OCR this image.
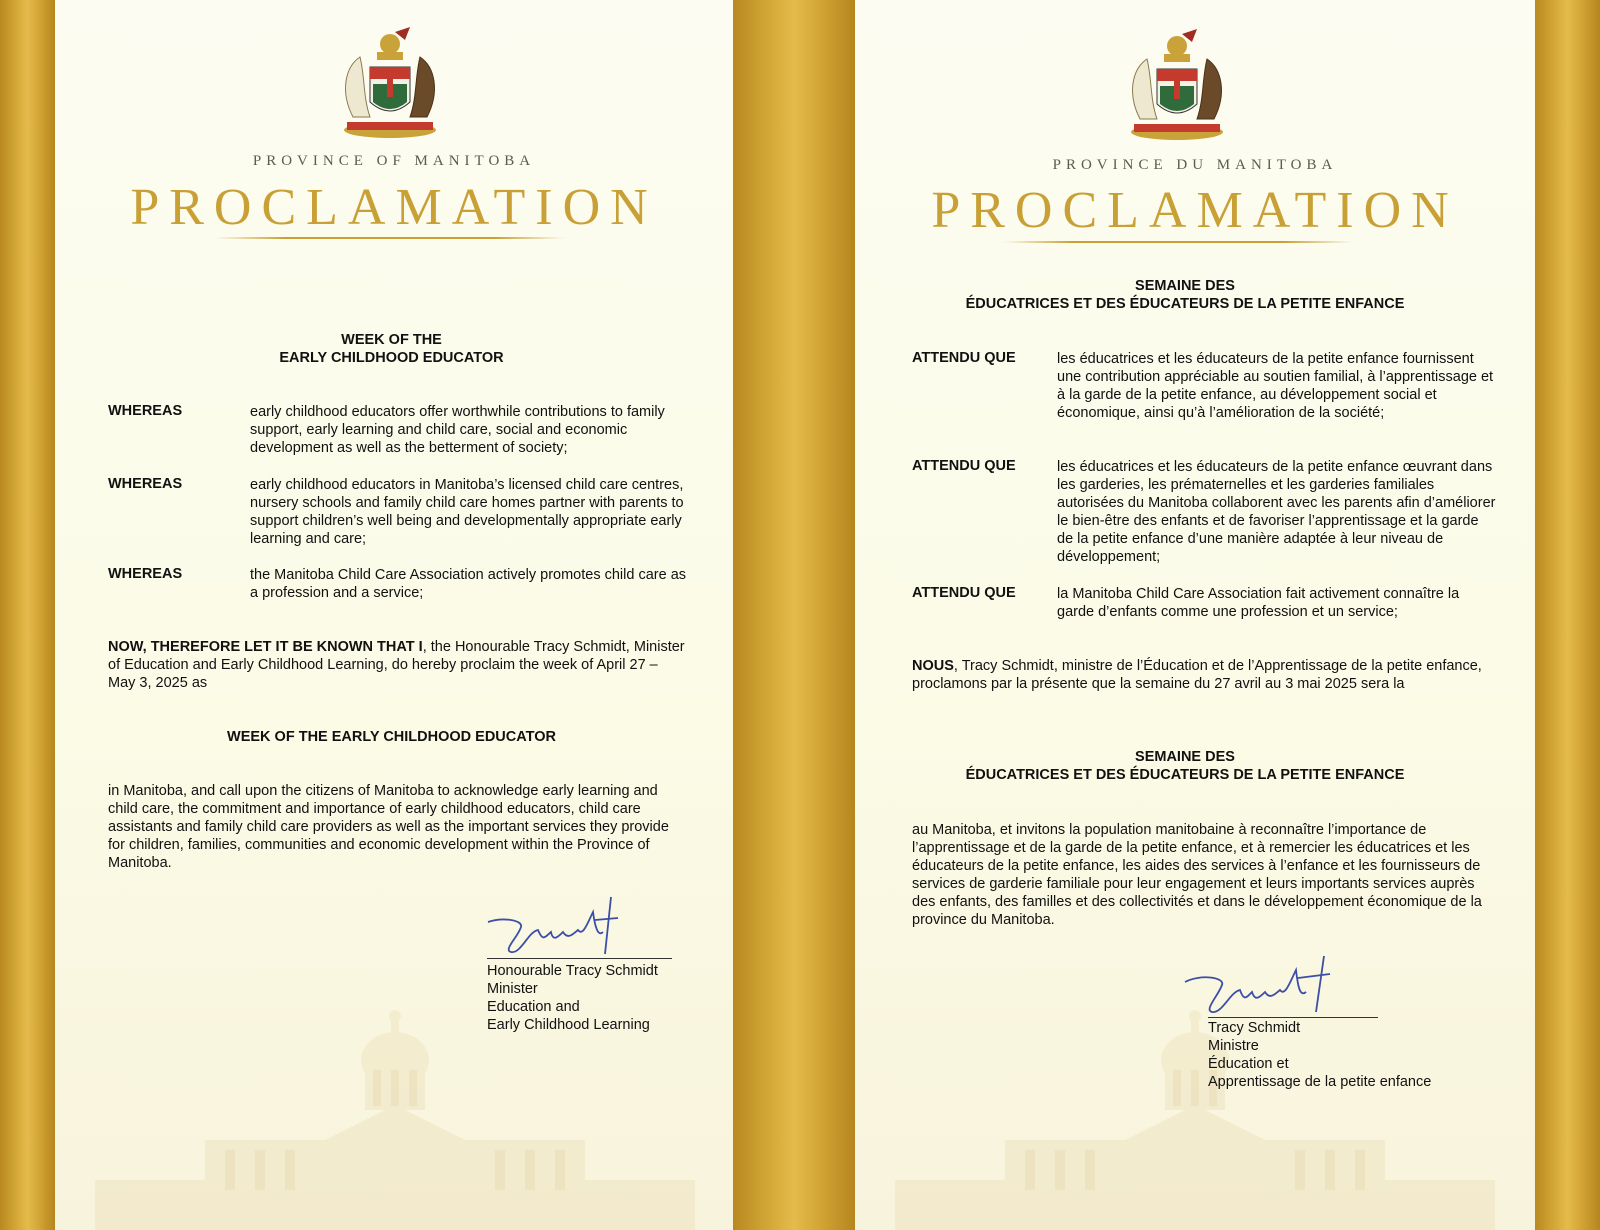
PROVINCE OF MANITOBA
PROCLAMATION
WEEK OF THE
EARLY CHILDHOOD EDUCATOR
WHEREAS	early childhood educators offer worthwhile contributions to family support, early learning and child care, social and economic development as well as the betterment of society;
WHEREAS	early childhood educators in Manitoba’s licensed child care centres, nursery schools and family child care homes partner with parents to support children’s well being and developmentally appropriate early learning and care;
WHEREAS	the Manitoba Child Care Association actively promotes child care as a profession and a service;
NOW, THEREFORE LET IT BE KNOWN THAT I, the Honourable Tracy Schmidt, Minister of Education and Early Childhood Learning, do hereby proclaim the week of April 27 – May 3, 2025 as
WEEK OF THE EARLY CHILDHOOD EDUCATOR
in Manitoba, and call upon the citizens of Manitoba to acknowledge early learning and child care, the commitment and importance of early childhood educators, child care assistants and family child care providers as well as the important services they provide for children, families, communities and economic development within the Province of Manitoba.
Honourable Tracy Schmidt
Minister
Education and
Early Childhood Learning
PROVINCE DU MANITOBA
PROCLAMATION
SEMAINE DES
ÉDUCATRICES ET DES ÉDUCATEURS DE LA PETITE ENFANCE
ATTENDU QUE	les éducatrices et les éducateurs de la petite enfance fournissent une contribution appréciable au soutien familial, à l’apprentissage et à la garde de la petite enfance, au développement social et économique, ainsi qu’à l’amélioration de la société;
ATTENDU QUE	les éducatrices et les éducateurs de la petite enfance œuvrant dans les garderies, les prématernelles et les garderies familiales autorisées du Manitoba collaborent avec les parents afin d’améliorer le bien-être des enfants et de favoriser l’apprentissage et la garde de la petite enfance d’une manière adaptée à leur niveau de développement;
ATTENDU QUE	la Manitoba Child Care Association fait activement connaître la garde d’enfants comme une profession et un service;
NOUS, Tracy Schmidt, ministre de l’Éducation et de l’Apprentissage de la petite enfance, proclamons par la présente que la semaine du 27 avril au 3 mai 2025 sera la
SEMAINE DES
ÉDUCATRICES ET DES ÉDUCATEURS DE LA PETITE ENFANCE
au Manitoba, et invitons la population manitobaine à reconnaître l’importance de l’apprentissage et de la garde de la petite enfance, et à remercier les éducatrices et les éducateurs de la petite enfance, les aides des services à l’enfance et les fournisseurs de services de garderie familiale pour leur engagement et leurs importants services auprès des enfants, des familles et des collectivités et dans le développement économique de la province du Manitoba.
Tracy Schmidt
Ministre
Éducation et
Apprentissage de la petite enfance
